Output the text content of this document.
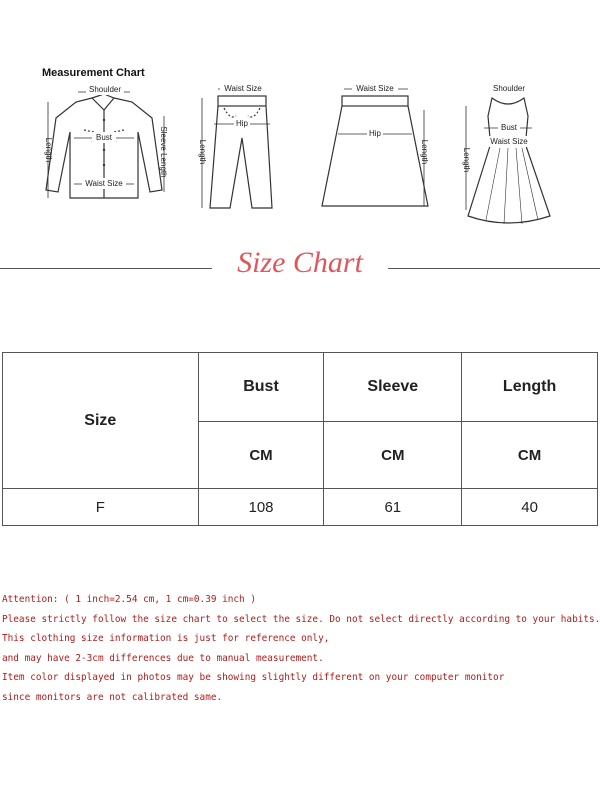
Measurement Chart
Shoulder
Bust
Waist Size
Length	Sleeve Length
Waist Size
Hip
Length
Waist Size
Hip
Length
Shoulder
Bust
Waist Size
Length
Size Chart
Size	Bust	Sleeve	Length
	CM	CM	CM
F	108	61	40
Attention: ( 1 inch=2.54 cm, 1 cm=0.39 inch )
Please strictly follow the size chart to select the size. Do not select directly according to your habits.
This clothing size information is just for reference only,
and may have 2-3cm differences due to manual measurement.
Item color displayed in photos may be showing slightly different on your computer monitor
since monitors are not calibrated same.
